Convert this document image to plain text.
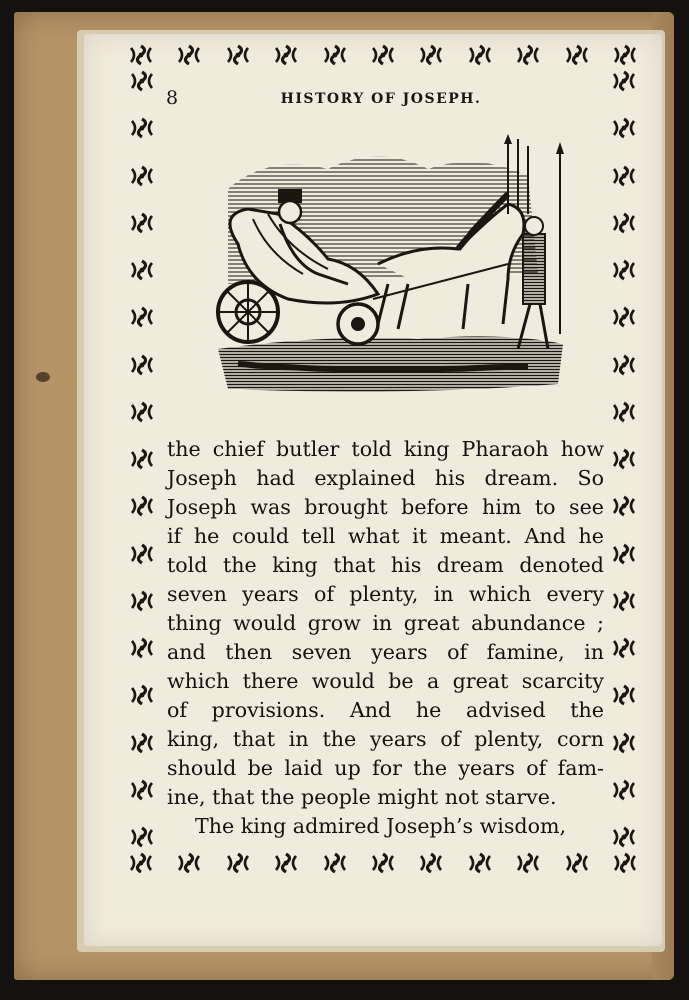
8	HISTORY OF JOSEPH.
the chief butler told king Pharaoh how
Joseph had explained his dream. So
Joseph was brought before him to see
if he could tell what it meant. And he
told the king that his dream denoted
seven years of plenty, in which every
thing would grow in great abundance ;
and then seven years of famine, in
which there would be a great scarcity
of provisions. And he advised the
king, that in the years of plenty, corn
should be laid up for the years of fam-
ine, that the people might not starve.
The king admired Joseph’s wisdom,
